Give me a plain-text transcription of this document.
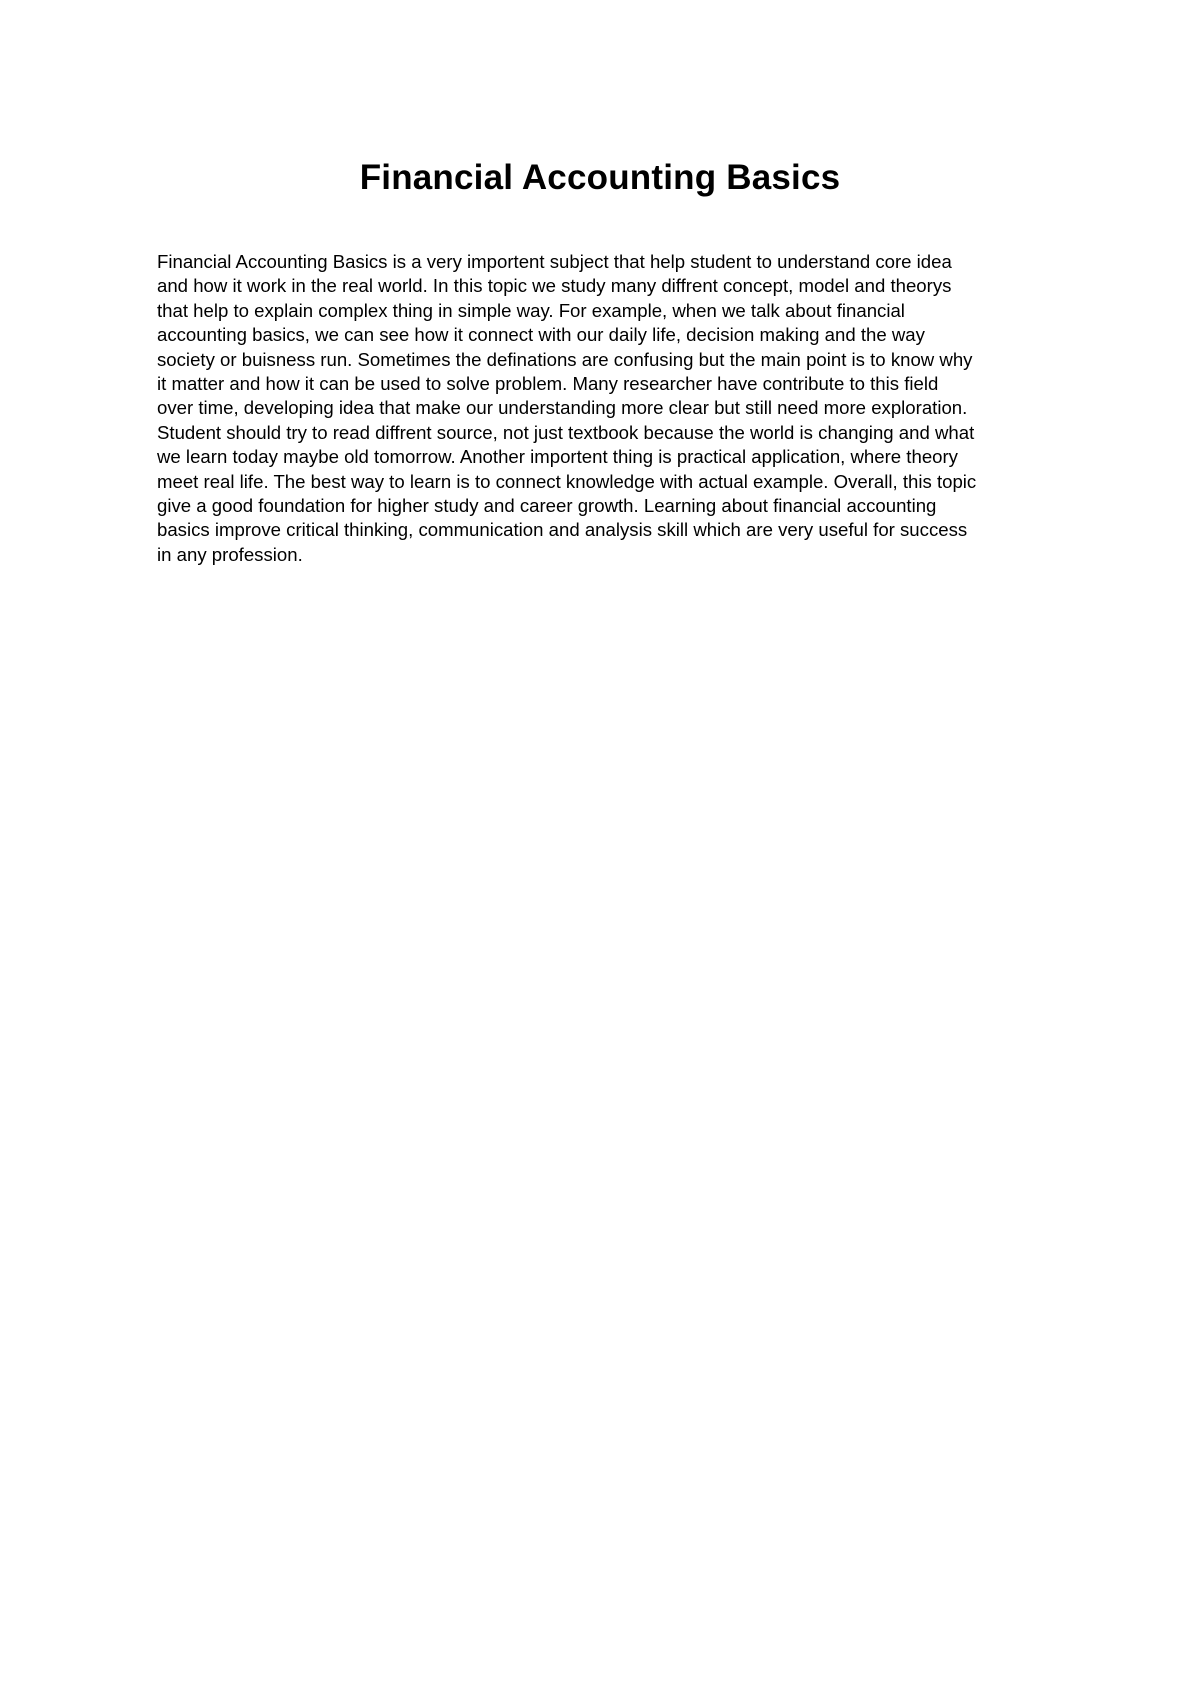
Financial Accounting Basics
Financial Accounting Basics is a very importent subject that help student to understand core idea
and how it work in the real world. In this topic we study many diffrent concept, model and theorys
that help to explain complex thing in simple way. For example, when we talk about financial
accounting basics, we can see how it connect with our daily life, decision making and the way
society or buisness run. Sometimes the definations are confusing but the main point is to know why
it matter and how it can be used to solve problem. Many researcher have contribute to this field
over time, developing idea that make our understanding more clear but still need more exploration.
Student should try to read diffrent source, not just textbook because the world is changing and what
we learn today maybe old tomorrow. Another importent thing is practical application, where theory
meet real life. The best way to learn is to connect knowledge with actual example. Overall, this topic
give a good foundation for higher study and career growth. Learning about financial accounting
basics improve critical thinking, communication and analysis skill which are very useful for success
in any profession.
